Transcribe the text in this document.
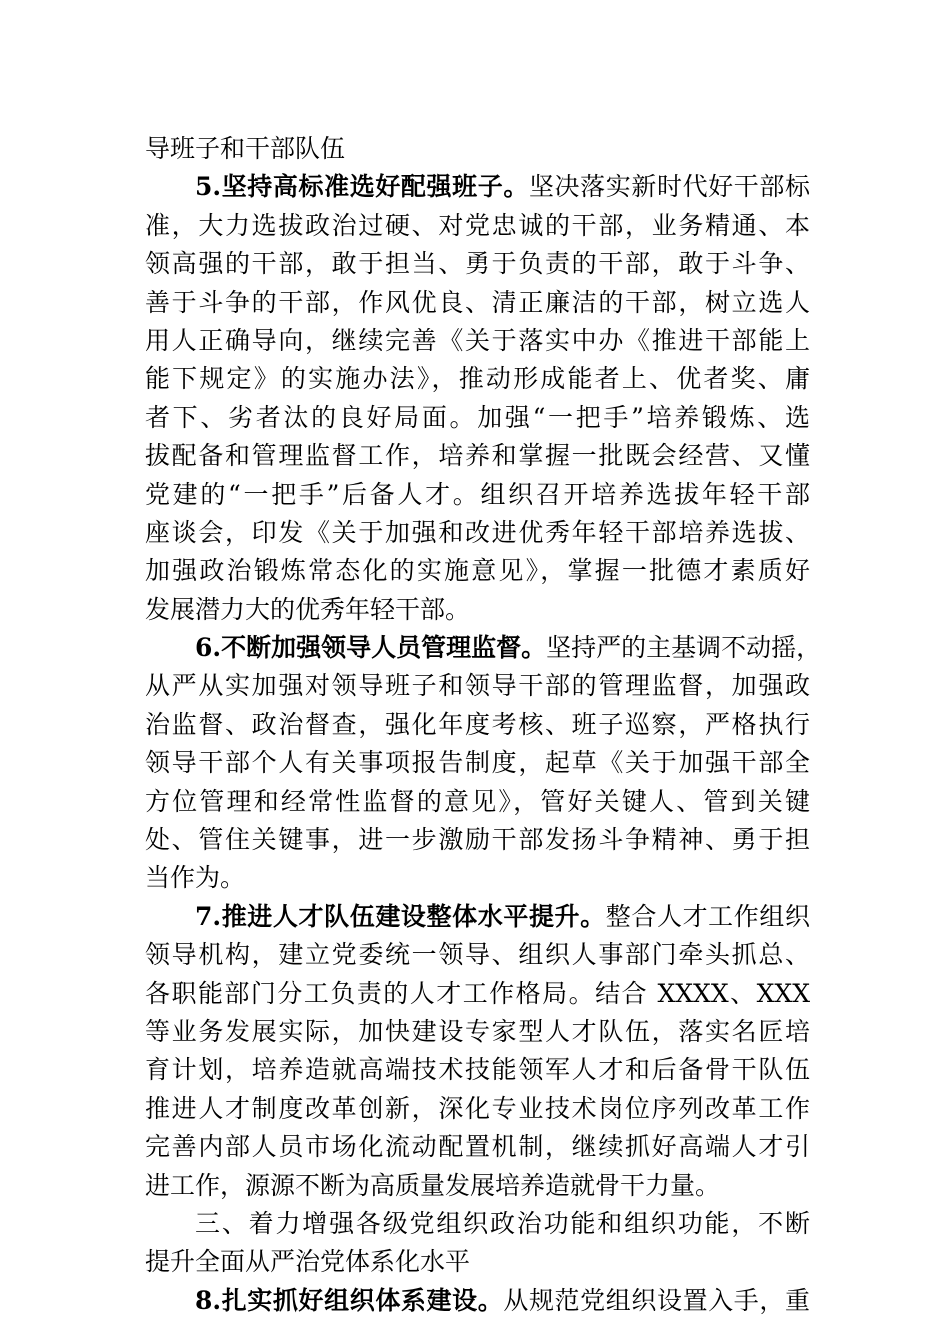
导班子和干部队伍
5.坚持高标准选好配强班子。坚决落实新时代好干部标
准，大力选拔政治过硬、对党忠诚的干部，业务精通、本
领高强的干部，敢于担当、勇于负责的干部，敢于斗争、
善于斗争的干部，作风优良、清正廉洁的干部，树立选人
用人正确导向，继续完善《关于落实中办《推进干部能上
能下规定》的实施办法》，推动形成能者上、优者奖、庸
者下、劣者汰的良好局面。加强“一把手”培养锻炼、选
拔配备和管理监督工作，培养和掌握一批既会经营、又懂
党建的“一把手”后备人才。组织召开培养选拔年轻干部
座谈会，印发《关于加强和改进优秀年轻干部培养选拔、
加强政治锻炼常态化的实施意见》，掌握一批德才素质好
发展潜力大的优秀年轻干部。
6.不断加强领导人员管理监督。坚持严的主基调不动摇，
从严从实加强对领导班子和领导干部的管理监督，加强政
治监督、政治督查，强化年度考核、班子巡察，严格执行
领导干部个人有关事项报告制度，起草《关于加强干部全
方位管理和经常性监督的意见》，管好关键人、管到关键
处、管住关键事，进一步激励干部发扬斗争精神、勇于担
当作为。
7.推进人才队伍建设整体水平提升。整合人才工作组织
领导机构，建立党委统一领导、组织人事部门牵头抓总、
各职能部门分工负责的人才工作格局。结合 XXXX、XXX
等业务发展实际，加快建设专家型人才队伍，落实名匠培
育计划，培养造就高端技术技能领军人才和后备骨干队伍
推进人才制度改革创新，深化专业技术岗位序列改革工作
完善内部人员市场化流动配置机制，继续抓好高端人才引
进工作，源源不断为高质量发展培养造就骨干力量。
三、着力增强各级党组织政治功能和组织功能，不断
提升全面从严治党体系化水平
8.扎实抓好组织体系建设。从规范党组织设置入手，重
